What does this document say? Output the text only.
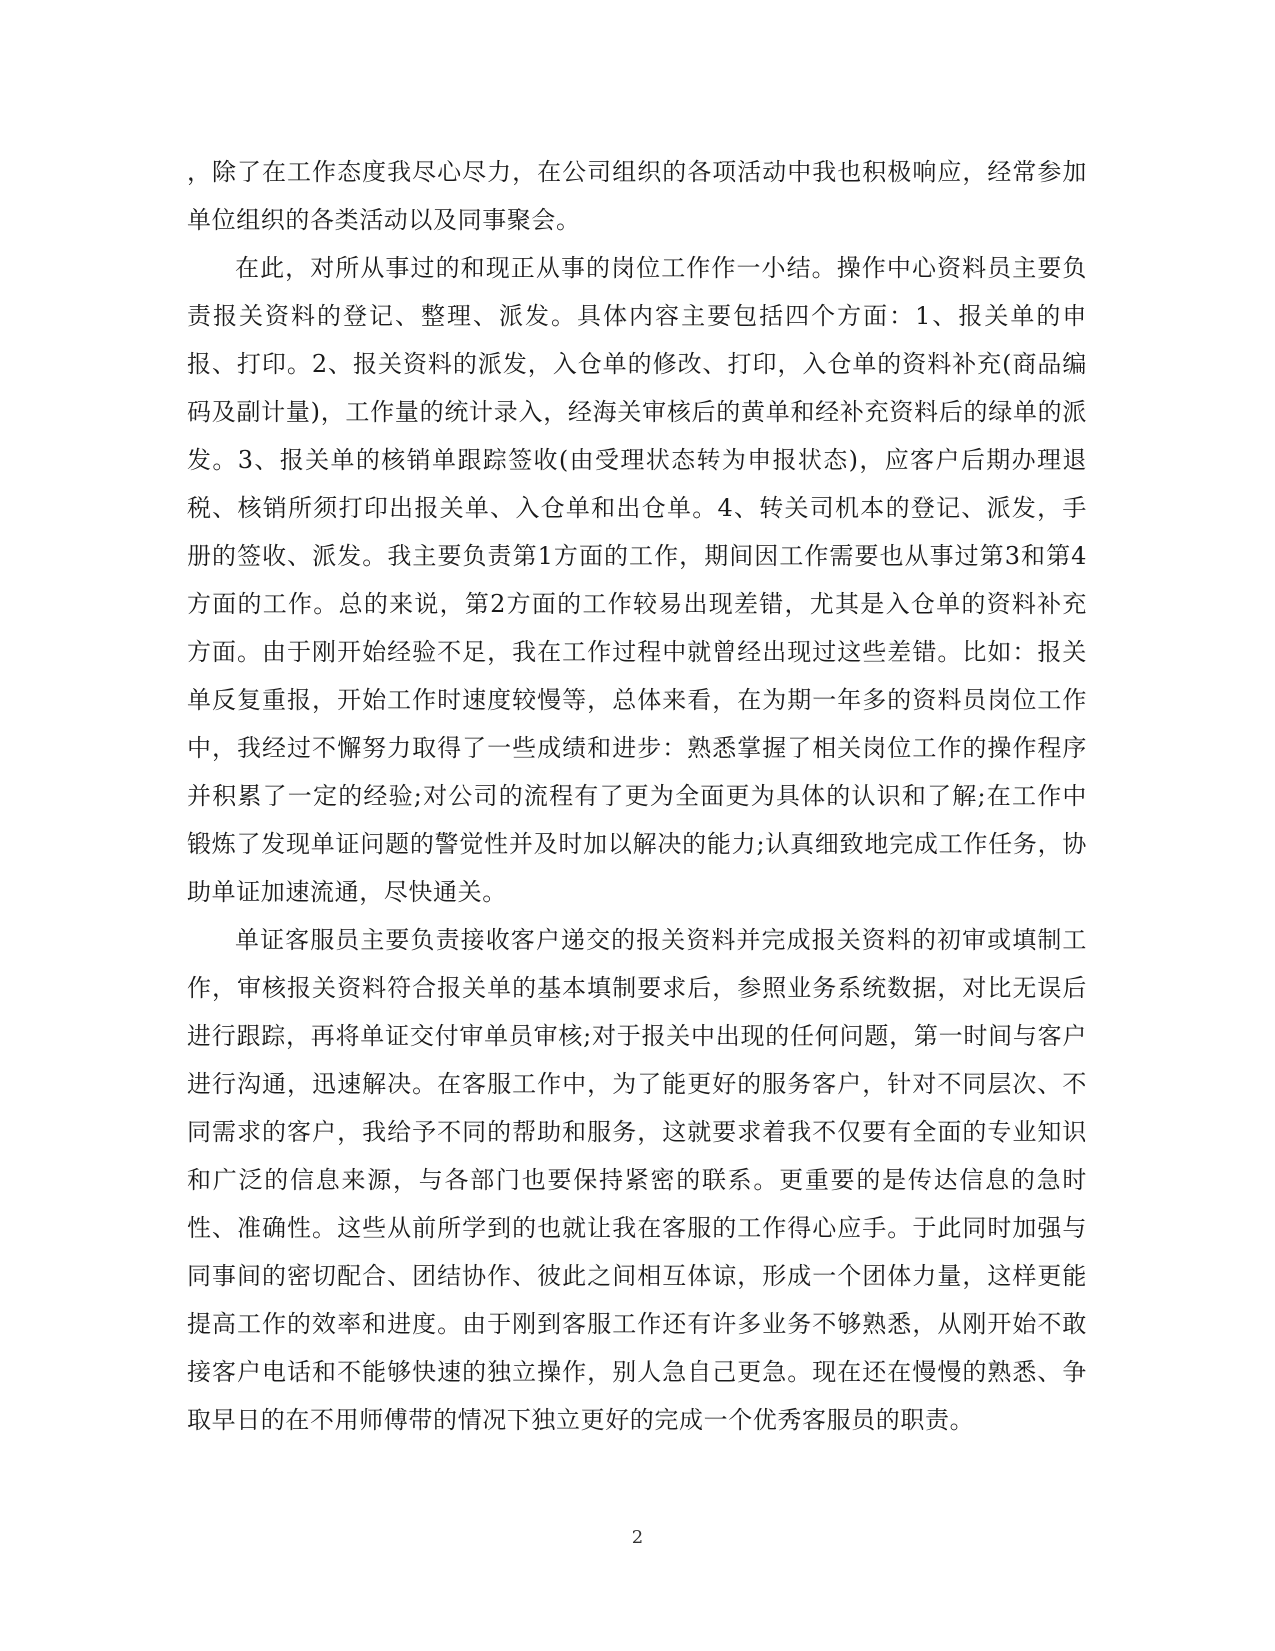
，除了在工作态度我尽心尽力，在公司组织的各项活动中我也积极响应，经常参加单位组织的各类活动以及同事聚会。

在此，对所从事过的和现正从事的岗位工作作一小结。操作中心资料员主要负责报关资料的登记、整理、派发。具体内容主要包括四个方面：1、报关单的申报、打印。2、报关资料的派发，入仓单的修改、打印，入仓单的资料补充(商品编码及副计量)，工作量的统计录入，经海关审核后的黄单和经补充资料后的绿单的派发。3、报关单的核销单跟踪签收(由受理状态转为申报状态)，应客户后期办理退税、核销所须打印出报关单、入仓单和出仓单。4、转关司机本的登记、派发，手册的签收、派发。我主要负责第1方面的工作，期间因工作需要也从事过第3和第4方面的工作。总的来说，第2方面的工作较易出现差错，尤其是入仓单的资料补充方面。由于刚开始经验不足，我在工作过程中就曾经出现过这些差错。比如：报关单反复重报，开始工作时速度较慢等，总体来看，在为期一年多的资料员岗位工作中，我经过不懈努力取得了一些成绩和进步：熟悉掌握了相关岗位工作的操作程序并积累了一定的经验;对公司的流程有了更为全面更为具体的认识和了解;在工作中锻炼了发现单证问题的警觉性并及时加以解决的能力;认真细致地完成工作任务，协助单证加速流通，尽快通关。

单证客服员主要负责接收客户递交的报关资料并完成报关资料的初审或填制工作，审核报关资料符合报关单的基本填制要求后，参照业务系统数据，对比无误后进行跟踪，再将单证交付审单员审核;对于报关中出现的任何问题，第一时间与客户进行沟通，迅速解决。在客服工作中，为了能更好的服务客户，针对不同层次、不同需求的客户，我给予不同的帮助和服务，这就要求着我不仅要有全面的专业知识和广泛的信息来源，与各部门也要保持紧密的联系。更重要的是传达信息的急时性、准确性。这些从前所学到的也就让我在客服的工作得心应手。于此同时加强与同事间的密切配合、团结协作、彼此之间相互体谅，形成一个团体力量，这样更能提高工作的效率和进度。由于刚到客服工作还有许多业务不够熟悉，从刚开始不敢接客户电话和不能够快速的独立操作，别人急自己更急。现在还在慢慢的熟悉、争取早日的在不用师傅带的情况下独立更好的完成一个优秀客服员的职责。

2
